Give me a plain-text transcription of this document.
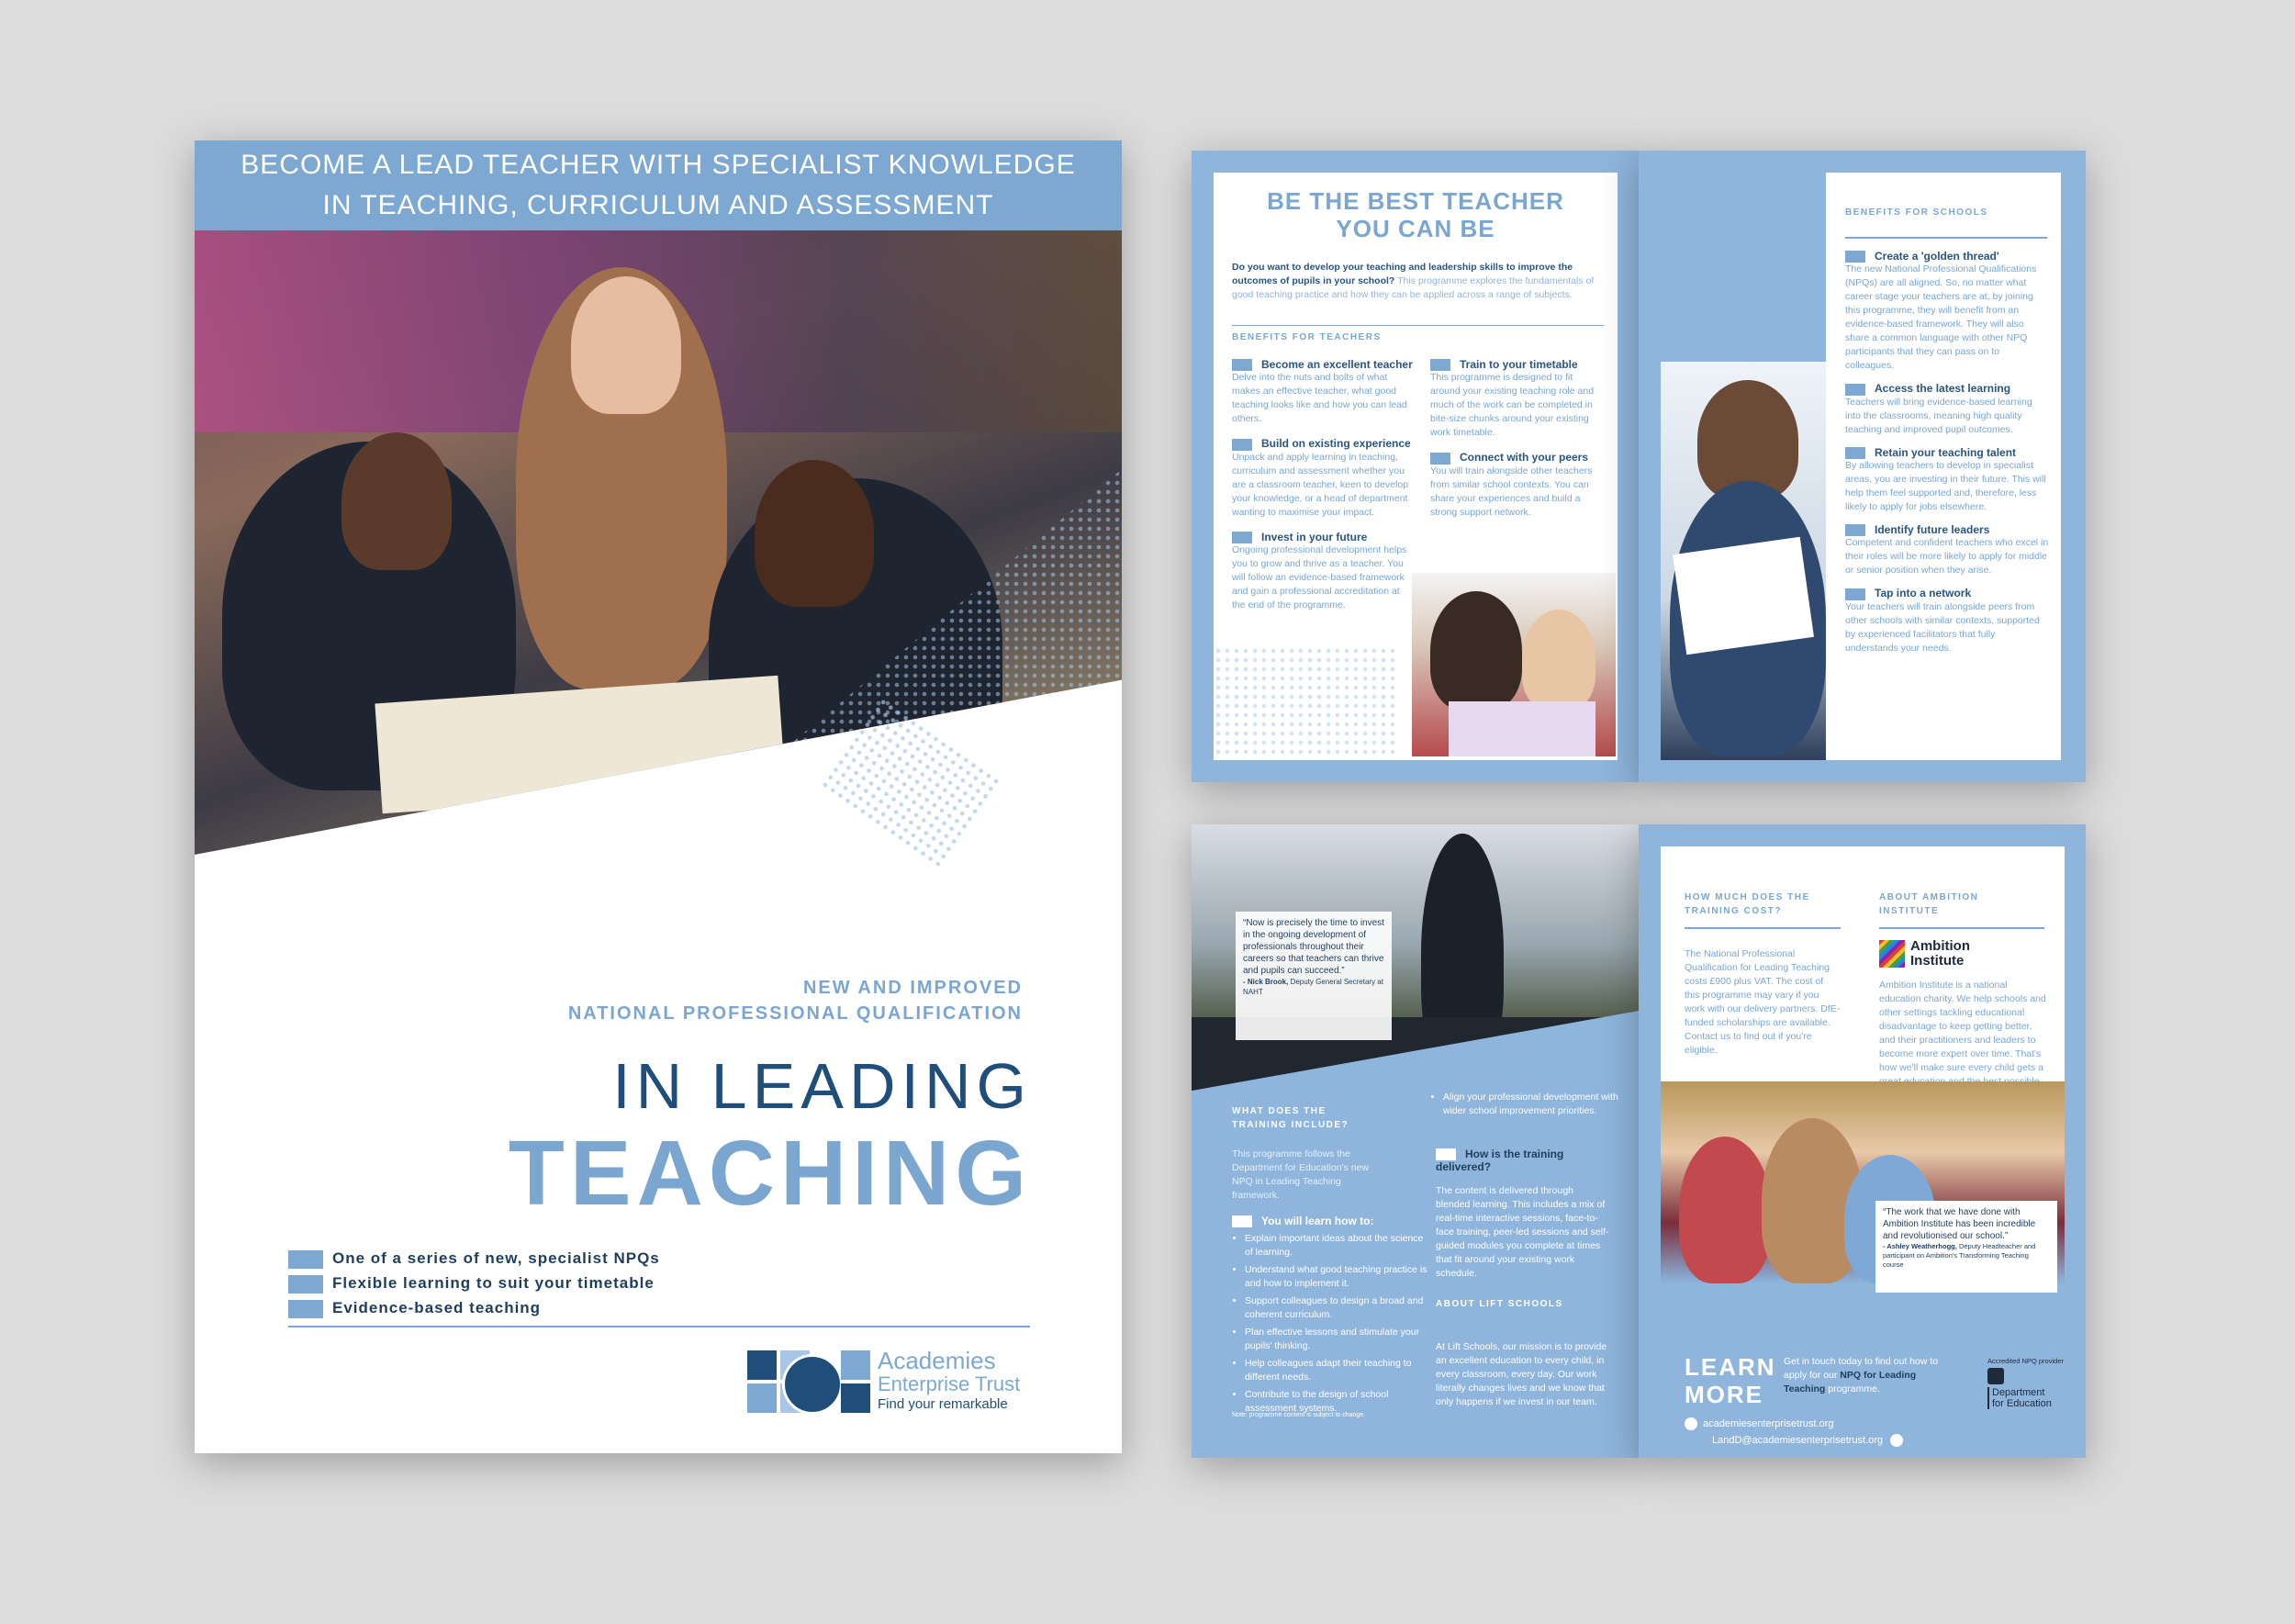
BECOME A LEAD TEACHER WITH SPECIALIST KNOWLEDGE
IN TEACHING, CURRICULUM AND ASSESSMENT
NEW AND IMPROVED
NATIONAL PROFESSIONAL QUALIFICATION
IN LEADING
TEACHING
One of a series of new, specialist NPQs
Flexible learning to suit your timetable
Evidence-based teaching
Academies
Enterprise Trust
Find your remarkable
BE THE BEST TEACHER
YOU CAN BE
Do you want to develop your teaching and leadership skills to improve the outcomes of pupils in your school? This programme explores the fundamentals of good teaching practice and how they can be applied across a range of subjects.
BENEFITS FOR TEACHERS
Become an excellent teacher
Delve into the nuts and bolts of what makes an effective teacher, what good teaching looks like and how you can lead others.
Build on existing experience
Unpack and apply learning in teaching, curriculum and assessment whether you are a classroom teacher, keen to develop your knowledge, or a head of department wanting to maximise your impact.
Invest in your future
Ongoing professional development helps you to grow and thrive as a teacher. You will follow an evidence-based framework and gain a professional accreditation at the end of the programme.
Train to your timetable
This programme is designed to fit around your existing teaching role and much of the work can be completed in bite-size chunks around your existing work timetable.
Connect with your peers
You will train alongside other teachers from similar school contexts. You can share your experiences and build a strong support network.
BENEFITS FOR SCHOOLS
Create a 'golden thread'
The new National Professional Qualifications (NPQs) are all aligned. So, no matter what career stage your teachers are at, by joining this programme, they will benefit from an evidence-based framework. They will also share a common language with other NPQ participants that they can pass on to colleagues.
Access the latest learning
Teachers will bring evidence-based learning into the classrooms, meaning high quality teaching and improved pupil outcomes.
Retain your teaching talent
By allowing teachers to develop in specialist areas, you are investing in their future. This will help them feel supported and, therefore, less likely to apply for jobs elsewhere.
Identify future leaders
Competent and confident teachers who excel in their roles will be more likely to apply for middle or senior position when they arise.
Tap into a network
Your teachers will train alongside peers from other schools with similar contexts, supported by experienced facilitators that fully understands your needs.
“Now is precisely the time to invest in the ongoing development of professionals throughout their careers so that teachers can thrive and pupils can succeed.”
- Nick Brook, Deputy General Secretary at NAHT
WHAT DOES THE TRAINING INCLUDE?
This programme follows the Department for Education's new NPQ in Leading Teaching framework.
You will learn how to:
• Explain important ideas about the science of learning.
• Understand what good teaching practice is and how to implement it.
• Support colleagues to design a broad and coherent curriculum.
• Plan effective lessons and stimulate your pupils' thinking.
• Help colleagues adapt their teaching to different needs.
• Contribute to the design of school assessment systems.
Note: programme content is subject to change.
• Align your professional development with wider school improvement priorities.
How is the training delivered?
The content is delivered through blended learning. This includes a mix of real-time interactive sessions, face-to-face training, peer-led sessions and self-guided modules you complete at times that fit around your existing work schedule.
ABOUT LIFT SCHOOLS
At Lift Schools, our mission is to provide an excellent education to every child, in every classroom, every day. Our work literally changes lives and we know that only happens if we invest in our team.
HOW MUCH DOES THE TRAINING COST?
The National Professional Qualification for Leading Teaching costs £900 plus VAT. The cost of this programme may vary if you work with our delivery partners. DfE-funded scholarships are available. Contact us to find out if you're eligible.
ABOUT AMBITION INSTITUTE
Ambition
Institute
Ambition Institute is a national education charity. We help schools and other settings tackling educational disadvantage to keep getting better, and their practitioners and leaders to become more expert over time. That's how we'll make sure every child gets a
“The work that we have done with Ambition Institute has been incredible and revolutionised our school.”
- Ashley Weatherhogg, Deputy Headteacher and participant on Ambition's Transforming Teaching course
LEARN
MORE
Get in touch today to find out how to apply for our NPQ for Leading Teaching programme.
academiesenterprisetrust.org
LandD@academiesenterprisetrust.org
Accredited NPQ provider
Department
for Education
